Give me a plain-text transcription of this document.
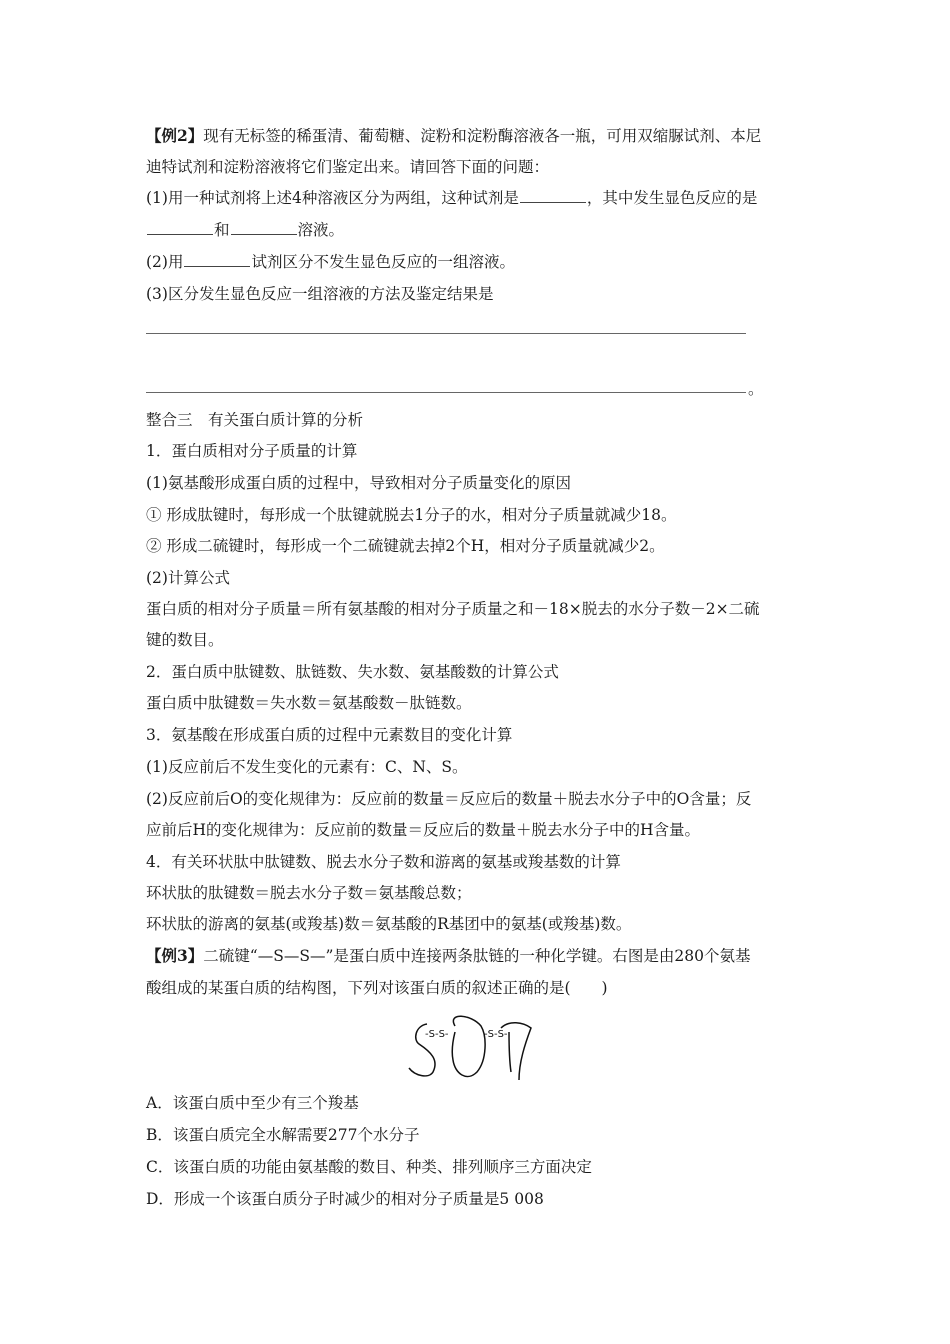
【例2】现有无标签的稀蛋清、葡萄糖、淀粉和淀粉酶溶液各一瓶，可用双缩脲试剂、本尼
迪特试剂和淀粉溶液将它们鉴定出来。请回答下面的问题：
(1)用一种试剂将上述4种溶液区分为两组，这种试剂是	，其中发生显色反应的是
和	溶液。
(2)用	试剂区分不发生显色反应的一组溶液。
(3)区分发生显色反应一组溶液的方法及鉴定结果是
。
整合三　有关蛋白质计算的分析
1．蛋白质相对分子质量的计算
(1)氨基酸形成蛋白质的过程中，导致相对分子质量变化的原因
① 形成肽键时，每形成一个肽键就脱去1分子的水，相对分子质量就减少18。
② 形成二硫键时，每形成一个二硫键就去掉2个H，相对分子质量就减少2。
(2)计算公式
蛋白质的相对分子质量＝所有氨基酸的相对分子质量之和－18×脱去的水分子数－2×二硫
键的数目。
2．蛋白质中肽键数、肽链数、失水数、氨基酸数的计算公式
蛋白质中肽键数＝失水数＝氨基酸数－肽链数。
3．氨基酸在形成蛋白质的过程中元素数目的变化计算
(1)反应前后不发生变化的元素有：C、N、S。
(2)反应前后O的变化规律为：反应前的数量＝反应后的数量＋脱去水分子中的O含量；反
应前后H的变化规律为：反应前的数量＝反应后的数量＋脱去水分子中的H含量。
4．有关环状肽中肽键数、脱去水分子数和游离的氨基或羧基数的计算
环状肽的肽键数＝脱去水分子数＝氨基酸总数；
环状肽的游离的氨基(或羧基)数＝氨基酸的R基团中的氨基(或羧基)数。
【例3】二硫键“—S—S—”是蛋白质中连接两条肽链的一种化学键。右图是由280个氨基
酸组成的某蛋白质的结构图，下列对该蛋白质的叙述正确的是(　　)
-S-S-	-S-S-
A．该蛋白质中至少有三个羧基
B．该蛋白质完全水解需要277个水分子
C．该蛋白质的功能由氨基酸的数目、种类、排列顺序三方面决定
D．形成一个该蛋白质分子时减少的相对分子质量是5 008
